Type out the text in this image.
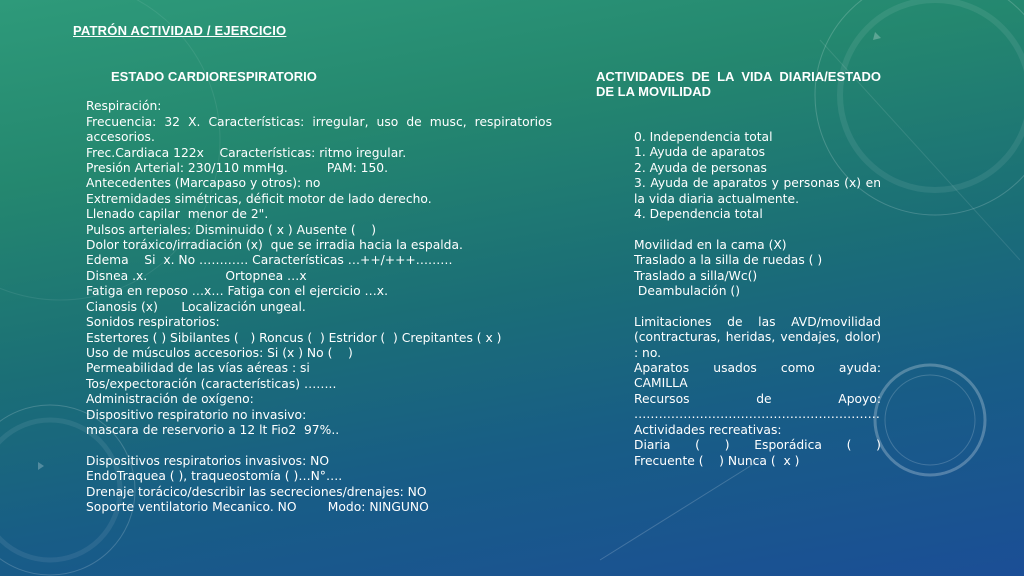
PATRÓN ACTIVIDAD / EJERCICIO
ESTADO CARDIORESPIRATORIO
Respiración:
Frecuencia: 32 X. Características: irregular, uso de musc, respiratorios accesorios.
Frec.Cardiaca 122x    Características: ritmo iregular.
Presión Arterial: 230/110 mmHg.          PAM: 150.
Antecedentes (Marcapaso y otros): no
Extremidades simétricas, déficit motor de lado derecho.
Llenado capilar  menor de 2".
Pulsos arteriales: Disminuido ( x ) Ausente (    )
Dolor toráxico/irradiación (x)  que se irradia hacia la espalda.
Edema    Si  x. No ………… Características …++/+++………
Disnea .x.                    Ortopnea …x
Fatiga en reposo …x… Fatiga con el ejercicio …x.
Cianosis (x)      Localización ungeal.
Sonidos respiratorios:
Estertores ( ) Sibilantes (   ) Roncus (  ) Estridor (  ) Crepitantes ( x )
Uso de músculos accesorios: Si (x ) No (    )
Permeabilidad de las vías aéreas : si
Tos/expectoración (características) ……..
Administración de oxígeno:
Dispositivo respiratorio no invasivo:
mascara de reservorio a 12 lt Fio2  97%..
Dispositivos respiratorios invasivos: NO
EndoTraquea ( ), traqueostomía ( )…N°….
Drenaje torácico/describir las secreciones/drenajes: NO
Soporte ventilatorio Mecanico. NO        Modo: NINGUNO
ACTIVIDADES DE LA VIDA DIARIA/ESTADO DE LA MOVILIDAD
0. Independencia total
1. Ayuda de aparatos
2. Ayuda de personas
3. Ayuda de aparatos y personas (x) en la vida diaria actualmente.
4. Dependencia total
Movilidad en la cama (X)
Traslado a la silla de ruedas ( )
Traslado a silla/Wc()
Deambulación ()
Limitaciones de las AVD/movilidad (contracturas, heridas, vendajes, dolor) : no.
Aparatos usados como ayuda:
CAMILLA
Recursos de Apoyo:
……………………………………………………
Actividades recreativas:
Diaria ( ) Esporádica ( )
Frecuente (    ) Nunca (  x )
